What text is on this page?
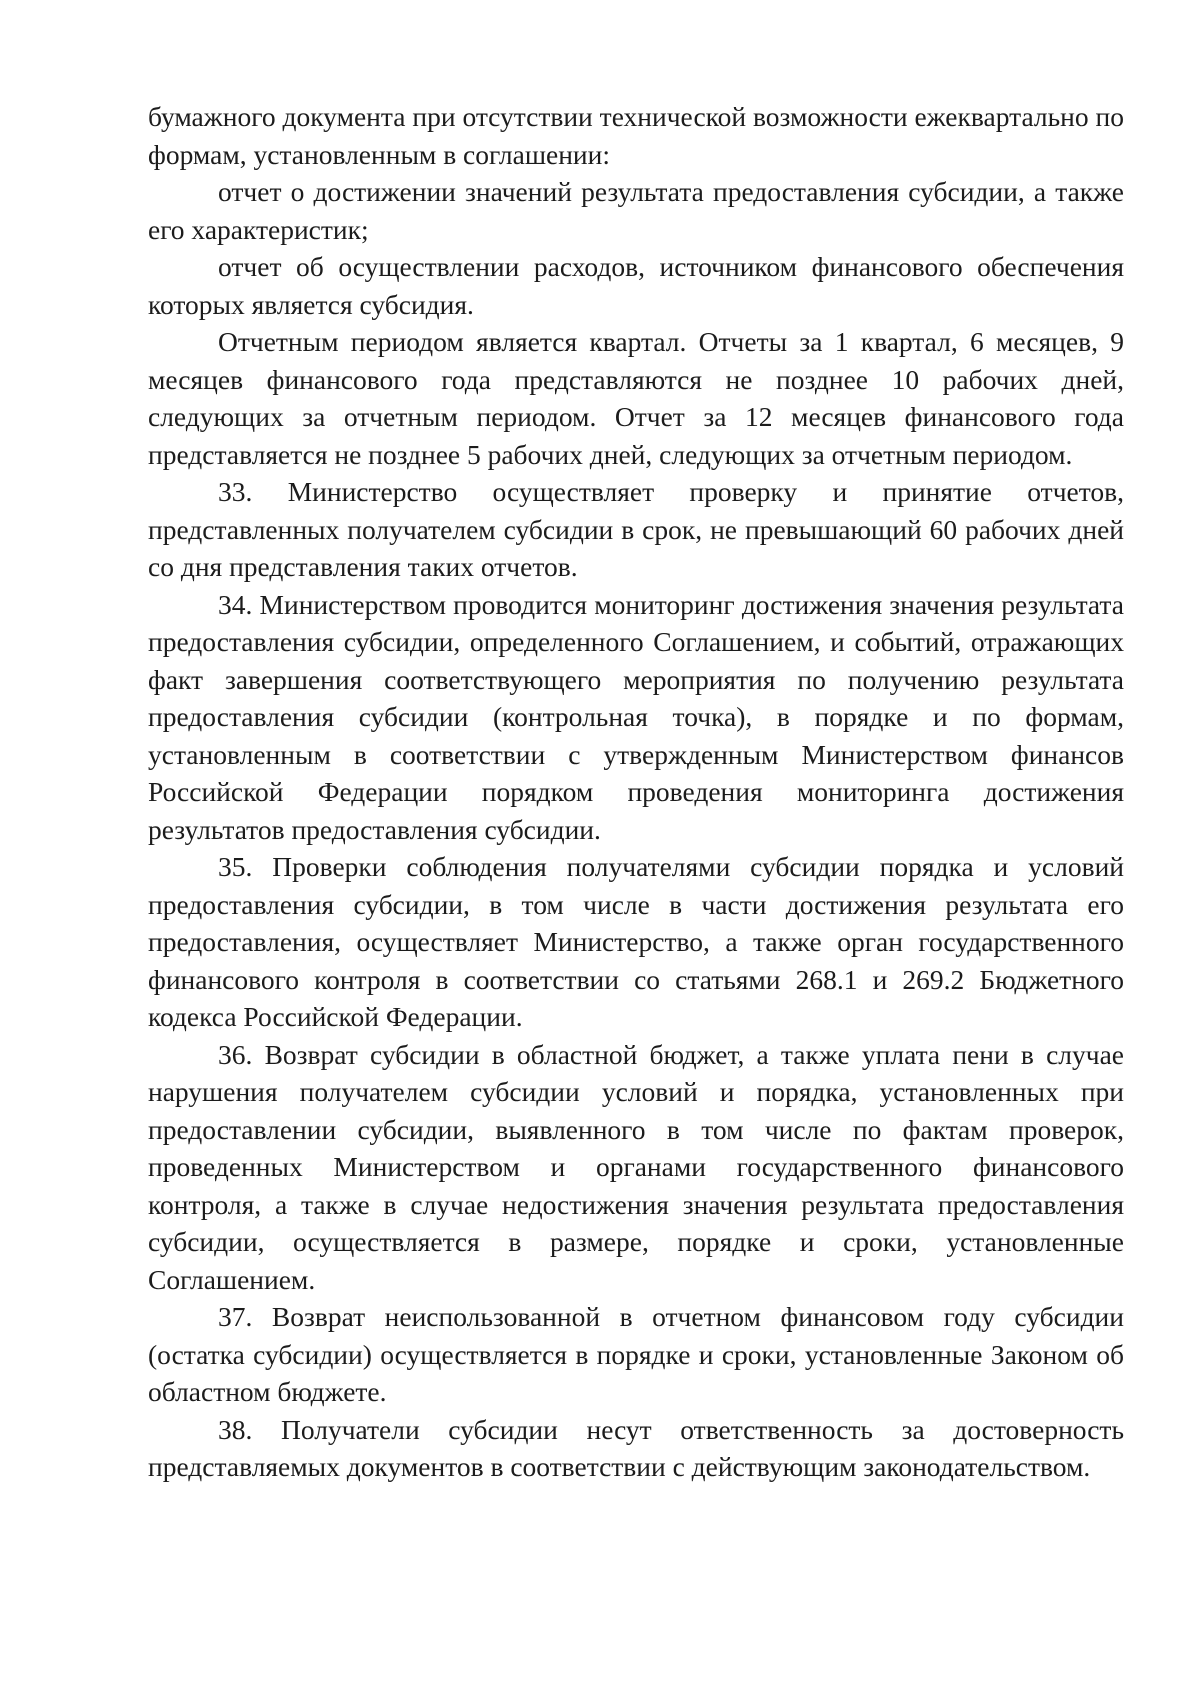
бумажного документа при отсутствии технической возможности ежеквартально по формам, установленным в соглашении:

отчет о достижении значений результата предоставления субсидии, а также его характеристик;

отчет об осуществлении расходов, источником финансового обеспечения которых является субсидия.

Отчетным периодом является квартал. Отчеты за 1 квартал, 6 месяцев, 9 месяцев финансового года представляются не позднее 10 рабочих дней, следующих за отчетным периодом. Отчет за 12 месяцев финансового года представляется не позднее 5 рабочих дней, следующих за отчетным периодом.

33. Министерство осуществляет проверку и принятие отчетов, представленных получателем субсидии в срок, не превышающий 60 рабочих дней со дня представления таких отчетов.

34. Министерством проводится мониторинг достижения значения результата предоставления субсидии, определенного Соглашением, и событий, отражающих факт завершения соответствующего мероприятия по получению результата предоставления субсидии (контрольная точка), в порядке и по формам, установленным в соответствии с утвержденным Министерством финансов Российской Федерации порядком проведения мониторинга достижения результатов предоставления субсидии.

35. Проверки соблюдения получателями субсидии порядка и условий предоставления субсидии, в том числе в части достижения результата его предоставления, осуществляет Министерство, а также орган государственного финансового контроля в соответствии со статьями 268.1 и 269.2 Бюджетного кодекса Российской Федерации.

36. Возврат субсидии в областной бюджет, а также уплата пени в случае нарушения получателем субсидии условий и порядка, установленных при предоставлении субсидии, выявленного в том числе по фактам проверок, проведенных Министерством и органами государственного финансового контроля, а также в случае недостижения значения результата предоставления субсидии, осуществляется в размере, порядке и сроки, установленные Соглашением.

37. Возврат неиспользованной в отчетном финансовом году субсидии (остатка субсидии) осуществляется в порядке и сроки, установленные Законом об областном бюджете.

38. Получатели субсидии несут ответственность за достоверность представляемых документов в соответствии с действующим законодательством.
